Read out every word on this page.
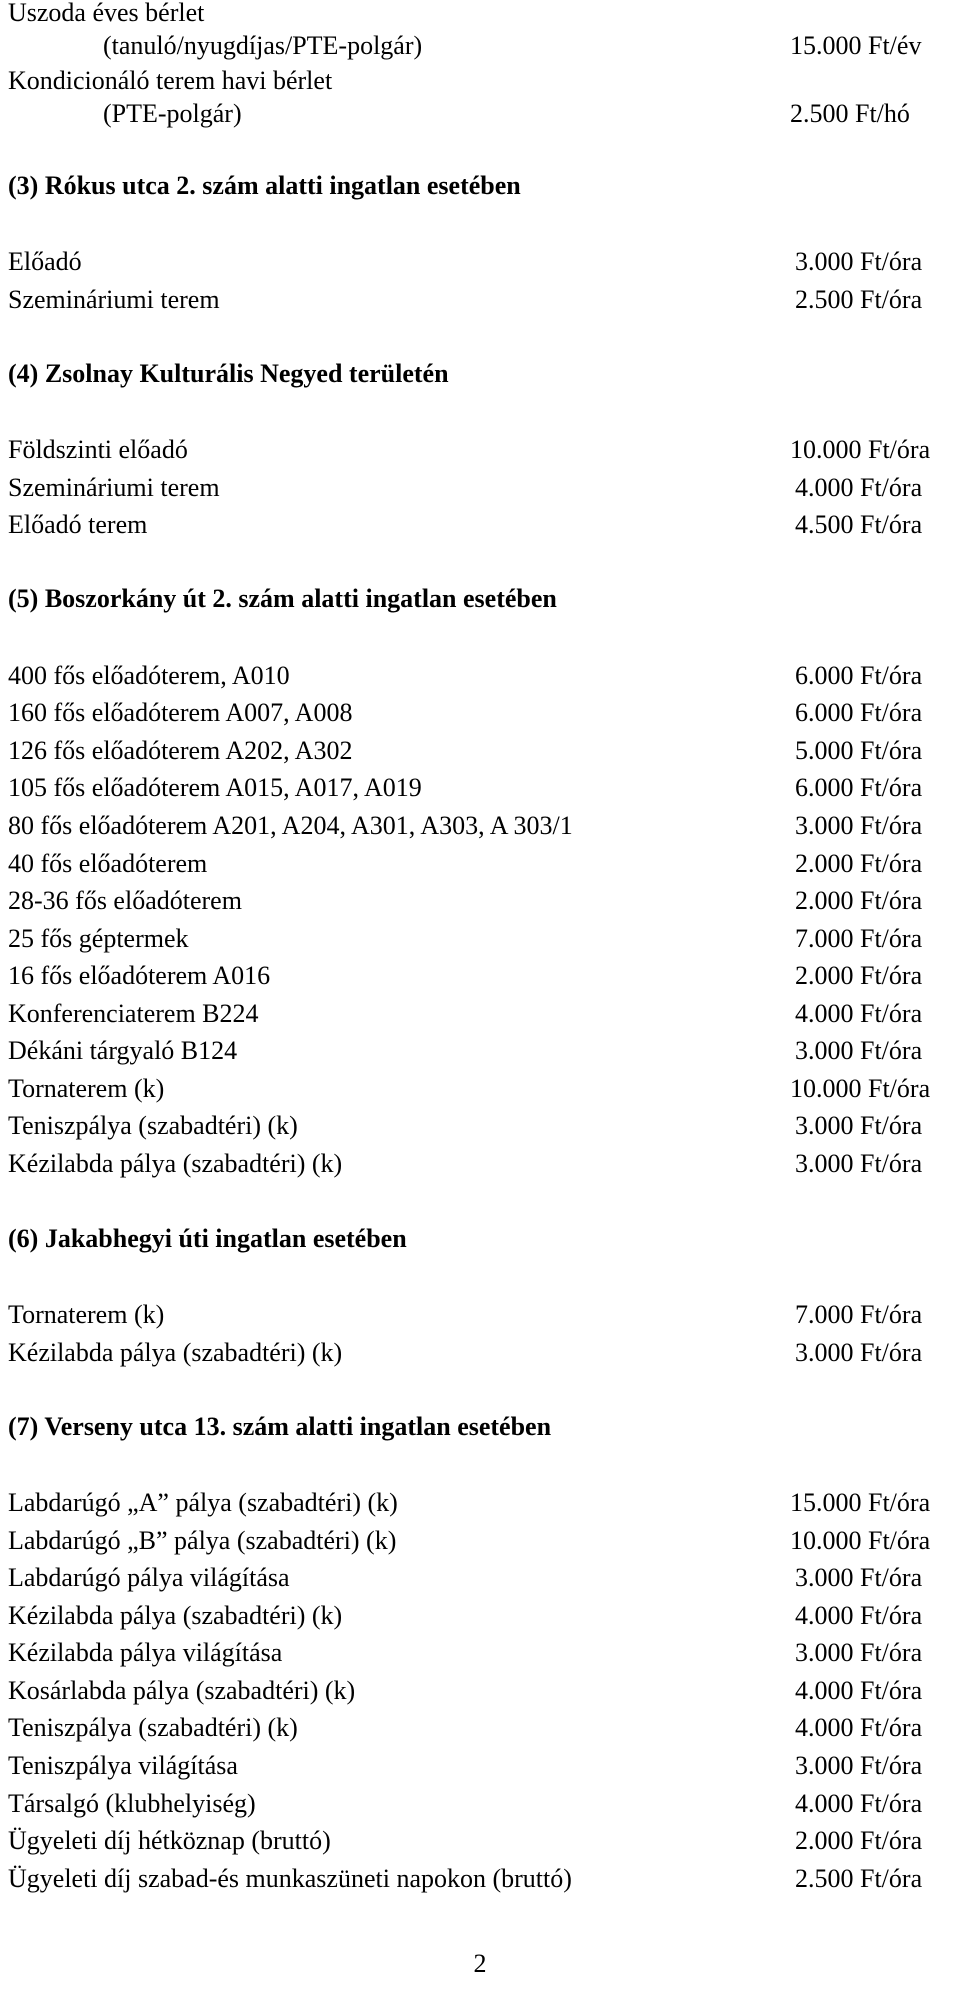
Uszoda éves bérlet
(tanuló/nyugdíjas/PTE-polgár)	15.000 Ft/év
Kondicionáló terem havi bérlet
(PTE-polgár)	2.500 Ft/hó
(3) Rókus utca 2. szám alatti ingatlan esetében
Előadó	3.000 Ft/óra
Szemináriumi terem	2.500 Ft/óra
(4) Zsolnay Kulturális Negyed területén
Földszinti előadó	10.000 Ft/óra
Szemináriumi terem	4.000 Ft/óra
Előadó terem	4.500 Ft/óra
(5) Boszorkány út 2. szám alatti ingatlan esetében
400 fős előadóterem, A010	6.000 Ft/óra
160 fős előadóterem A007, A008	6.000 Ft/óra
126 fős előadóterem A202, A302	5.000 Ft/óra
105 fős előadóterem A015, A017, A019	6.000 Ft/óra
80 fős előadóterem A201, A204, A301, A303, A 303/1	3.000 Ft/óra
40 fős előadóterem	2.000 Ft/óra
28-36 fős előadóterem	2.000 Ft/óra
25 fős géptermek	7.000 Ft/óra
16 fős előadóterem A016	2.000 Ft/óra
Konferenciaterem B224	4.000 Ft/óra
Dékáni tárgyaló B124	3.000 Ft/óra
Tornaterem (k)	10.000 Ft/óra
Teniszpálya (szabadtéri) (k)	3.000 Ft/óra
Kézilabda pálya (szabadtéri) (k)	3.000 Ft/óra
(6) Jakabhegyi úti ingatlan esetében
Tornaterem (k)	7.000 Ft/óra
Kézilabda pálya (szabadtéri) (k)	3.000 Ft/óra
(7) Verseny utca 13. szám alatti ingatlan esetében
Labdarúgó „A” pálya (szabadtéri) (k)	15.000 Ft/óra
Labdarúgó „B” pálya (szabadtéri) (k)	10.000 Ft/óra
Labdarúgó pálya világítása	3.000 Ft/óra
Kézilabda pálya (szabadtéri) (k)	4.000 Ft/óra
Kézilabda pálya világítása	3.000 Ft/óra
Kosárlabda pálya (szabadtéri) (k)	4.000 Ft/óra
Teniszpálya (szabadtéri) (k)	4.000 Ft/óra
Teniszpálya világítása	3.000 Ft/óra
Társalgó (klubhelyiség)	4.000 Ft/óra
Ügyeleti díj hétköznap (bruttó)	2.000 Ft/óra
Ügyeleti díj szabad-és munkaszüneti napokon (bruttó)	2.500 Ft/óra
2
